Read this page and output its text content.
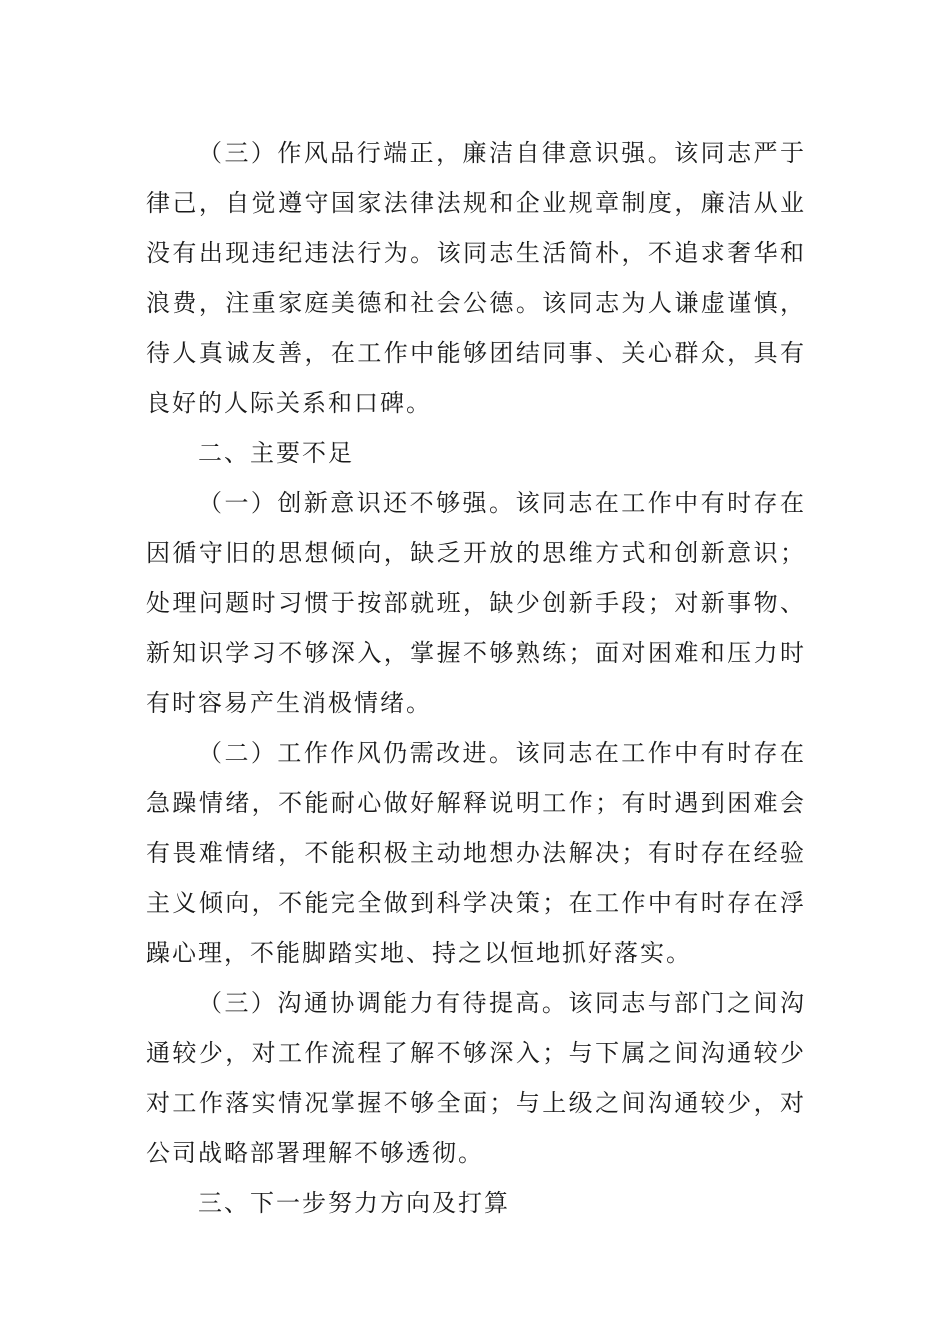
（三）作风品行端正，廉洁自律意识强。该同志严于律己，自觉遵守国家法律法规和企业规章制度，廉洁从业没有出现违纪违法行为。该同志生活简朴，不追求奢华和浪费，注重家庭美德和社会公德。该同志为人谦虚谨慎，待人真诚友善，在工作中能够团结同事、关心群众，具有良好的人际关系和口碑。

二、主要不足

（一）创新意识还不够强。该同志在工作中有时存在因循守旧的思想倾向，缺乏开放的思维方式和创新意识；处理问题时习惯于按部就班，缺少创新手段；对新事物、新知识学习不够深入，掌握不够熟练；面对困难和压力时有时容易产生消极情绪。

（二）工作作风仍需改进。该同志在工作中有时存在急躁情绪，不能耐心做好解释说明工作；有时遇到困难会有畏难情绪，不能积极主动地想办法解决；有时存在经验主义倾向，不能完全做到科学决策；在工作中有时存在浮躁心理，不能脚踏实地、持之以恒地抓好落实。

（三）沟通协调能力有待提高。该同志与部门之间沟通较少，对工作流程了解不够深入；与下属之间沟通较少对工作落实情况掌握不够全面；与上级之间沟通较少，对公司战略部署理解不够透彻。

三、下一步努力方向及打算
